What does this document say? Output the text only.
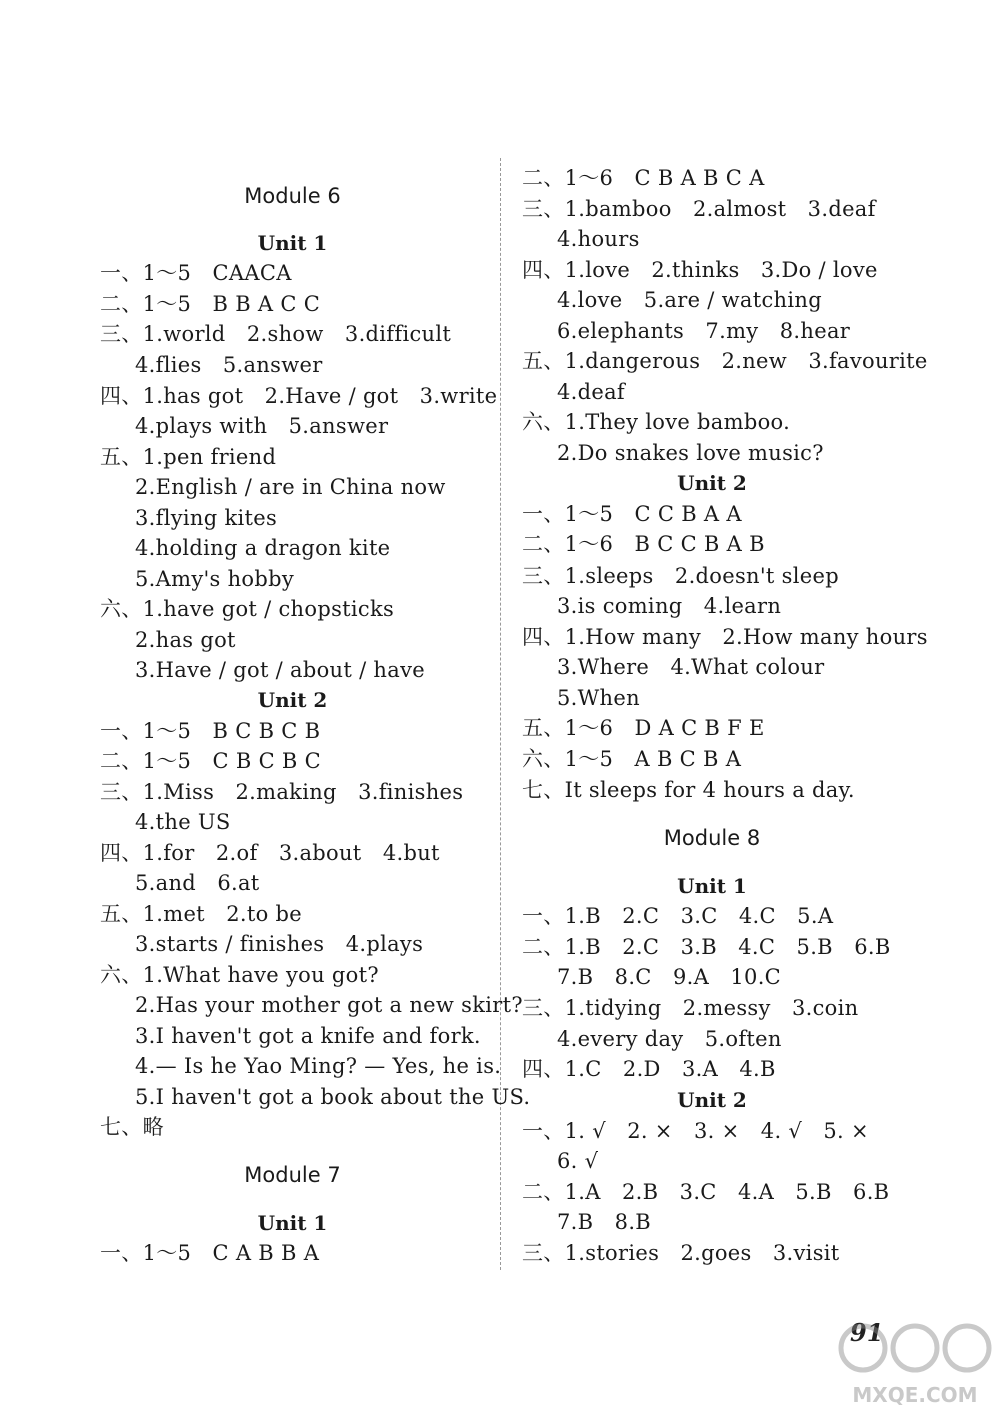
Module 6
Unit 1
一、1～5　CAACA
二、1～5　B B A C C
三、1.world　2.show　3.difficult
4.flies　5.answer
四、1.has got　2.Have / got　3.write
4.plays with　5.answer
五、1.pen friend
2.English / are in China now
3.flying kites
4.holding a dragon kite
5.Amy's hobby
六、1.have got / chopsticks
2.has got
3.Have / got / about / have
Unit 2
一、1～5　B C B C B
二、1～5　C B C B C
三、1.Miss　2.making　3.finishes
4.the US
四、1.for　2.of　3.about　4.but
5.and　6.at
五、1.met　2.to be
3.starts / finishes　4.plays
六、1.What have you got?
2.Has your mother got a new skirt?
3.I haven't got a knife and fork.
4.— Is he Yao Ming? — Yes, he is.
5.I haven't got a book about the US.
七、略
Module 7
Unit 1
一、1～5　C A B B A
二、1～6　C B A B C A
三、1.bamboo　2.almost　3.deaf
4.hours
四、1.love　2.thinks　3.Do / love
4.love　5.are / watching
6.elephants　7.my　8.hear
五、1.dangerous　2.new　3.favourite
4.deaf
六、1.They love bamboo.
2.Do snakes love music?
Unit 2
一、1～5　C C B A A
二、1～6　B C C B A B
三、1.sleeps　2.doesn't sleep
3.is coming　4.learn
四、1.How many　2.How many hours
3.Where　4.What colour
5.When
五、1～6　D A C B F E
六、1～5　A B C B A
七、It sleeps for 4 hours a day.
Module 8
Unit 1
一、1.B　2.C　3.C　4.C　5.A
二、1.B　2.C　3.B　4.C　5.B　6.B
7.B　8.C　9.A　10.C
三、1.tidying　2.messy　3.coin
4.every day　5.often
四、1.C　2.D　3.A　4.B
Unit 2
一、1. √　2. ×　3. ×　4. √　5. ×
6. √
二、1.A　2.B　3.C　4.A　5.B　6.B
7.B　8.B
三、1.stories　2.goes　3.visit
91
MXQE.COM
